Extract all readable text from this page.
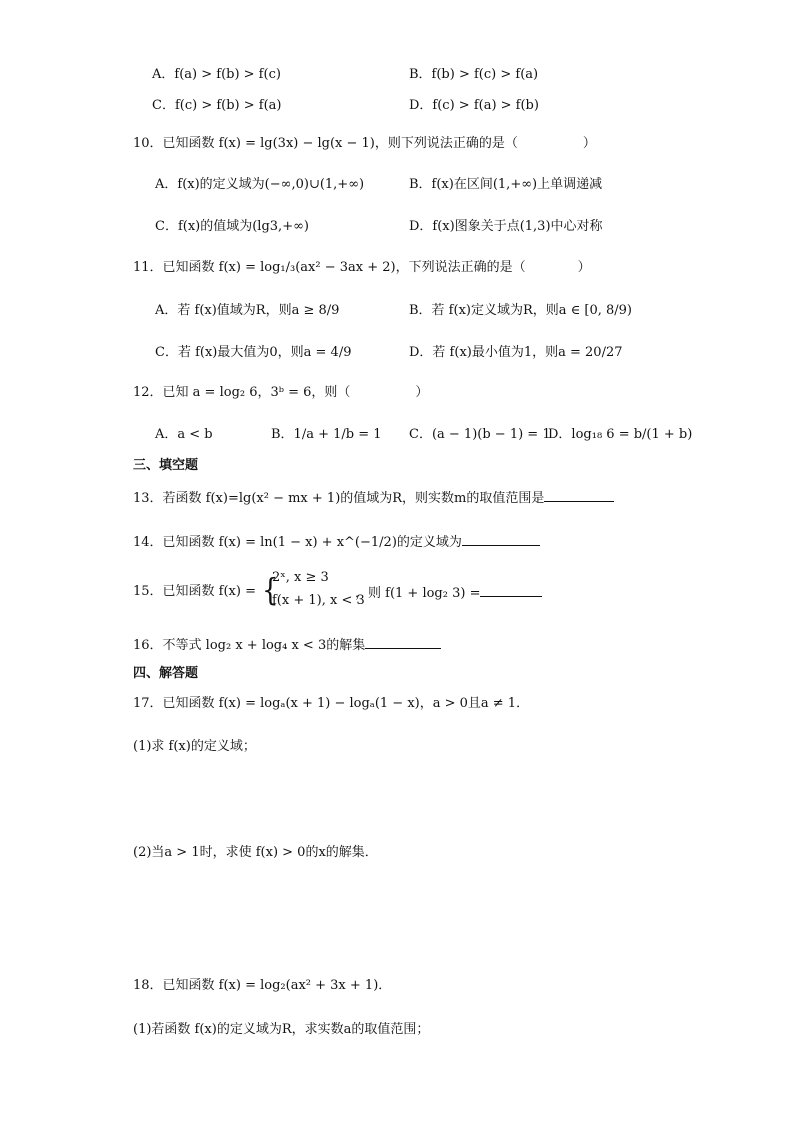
A．f(a) > f(b) > f(c)	B．f(b) > f(c) > f(a)
C．f(c) > f(b) > f(a)	D．f(c) > f(a) > f(b)
10．已知函数 f(x) = lg(3x) − lg(x − 1)，则下列说法正确的是（　　　　　）
A．f(x)的定义域为(−∞,0)∪(1,+∞)	B．f(x)在区间(1,+∞)上单调递减
C．f(x)的值域为(lg3,+∞)	D．f(x)图象关于点(1,3)中心对称
11．已知函数 f(x) = log₁/₃(ax² − 3ax + 2)，下列说法正确的是（　　　　）
A．若 f(x)值域为R，则a ≥ 8/9	B．若 f(x)定义域为R，则a ∈ [0, 8/9)
C．若 f(x)最大值为0，则a = 4/9	D．若 f(x)最小值为1，则a = 20/27
12．已知 a = log₂ 6，3ᵇ = 6，则（　　　　　）
A．a < b	B．1/a + 1/b = 1 C．(a − 1)(b − 1) = 1
D．log₁₈ 6 = b/(1 + b)
三、填空题
13．若函数 f(x)=lg(x² − mx + 1)的值域为R，则实数m的取值范围是
14．已知函数 f(x) = ln(1 − x) + x^(−1/2)的定义域为
15．已知函数 f(x) = {
2ˣ, x ≥ 3
f(x + 1), x < 3
，则 f(1 + log₂ 3) =
16．不等式 log₂ x + log₄ x < 3的解集
四、解答题
17．已知函数 f(x) = logₐ(x + 1) − logₐ(1 − x)，a > 0且a ≠ 1．
(1)求 f(x)的定义域；
(2)当a > 1时，求使 f(x) > 0的x的解集．
18．已知函数 f(x) = log₂(ax² + 3x + 1)．
(1)若函数 f(x)的定义域为R，求实数a的取值范围；
